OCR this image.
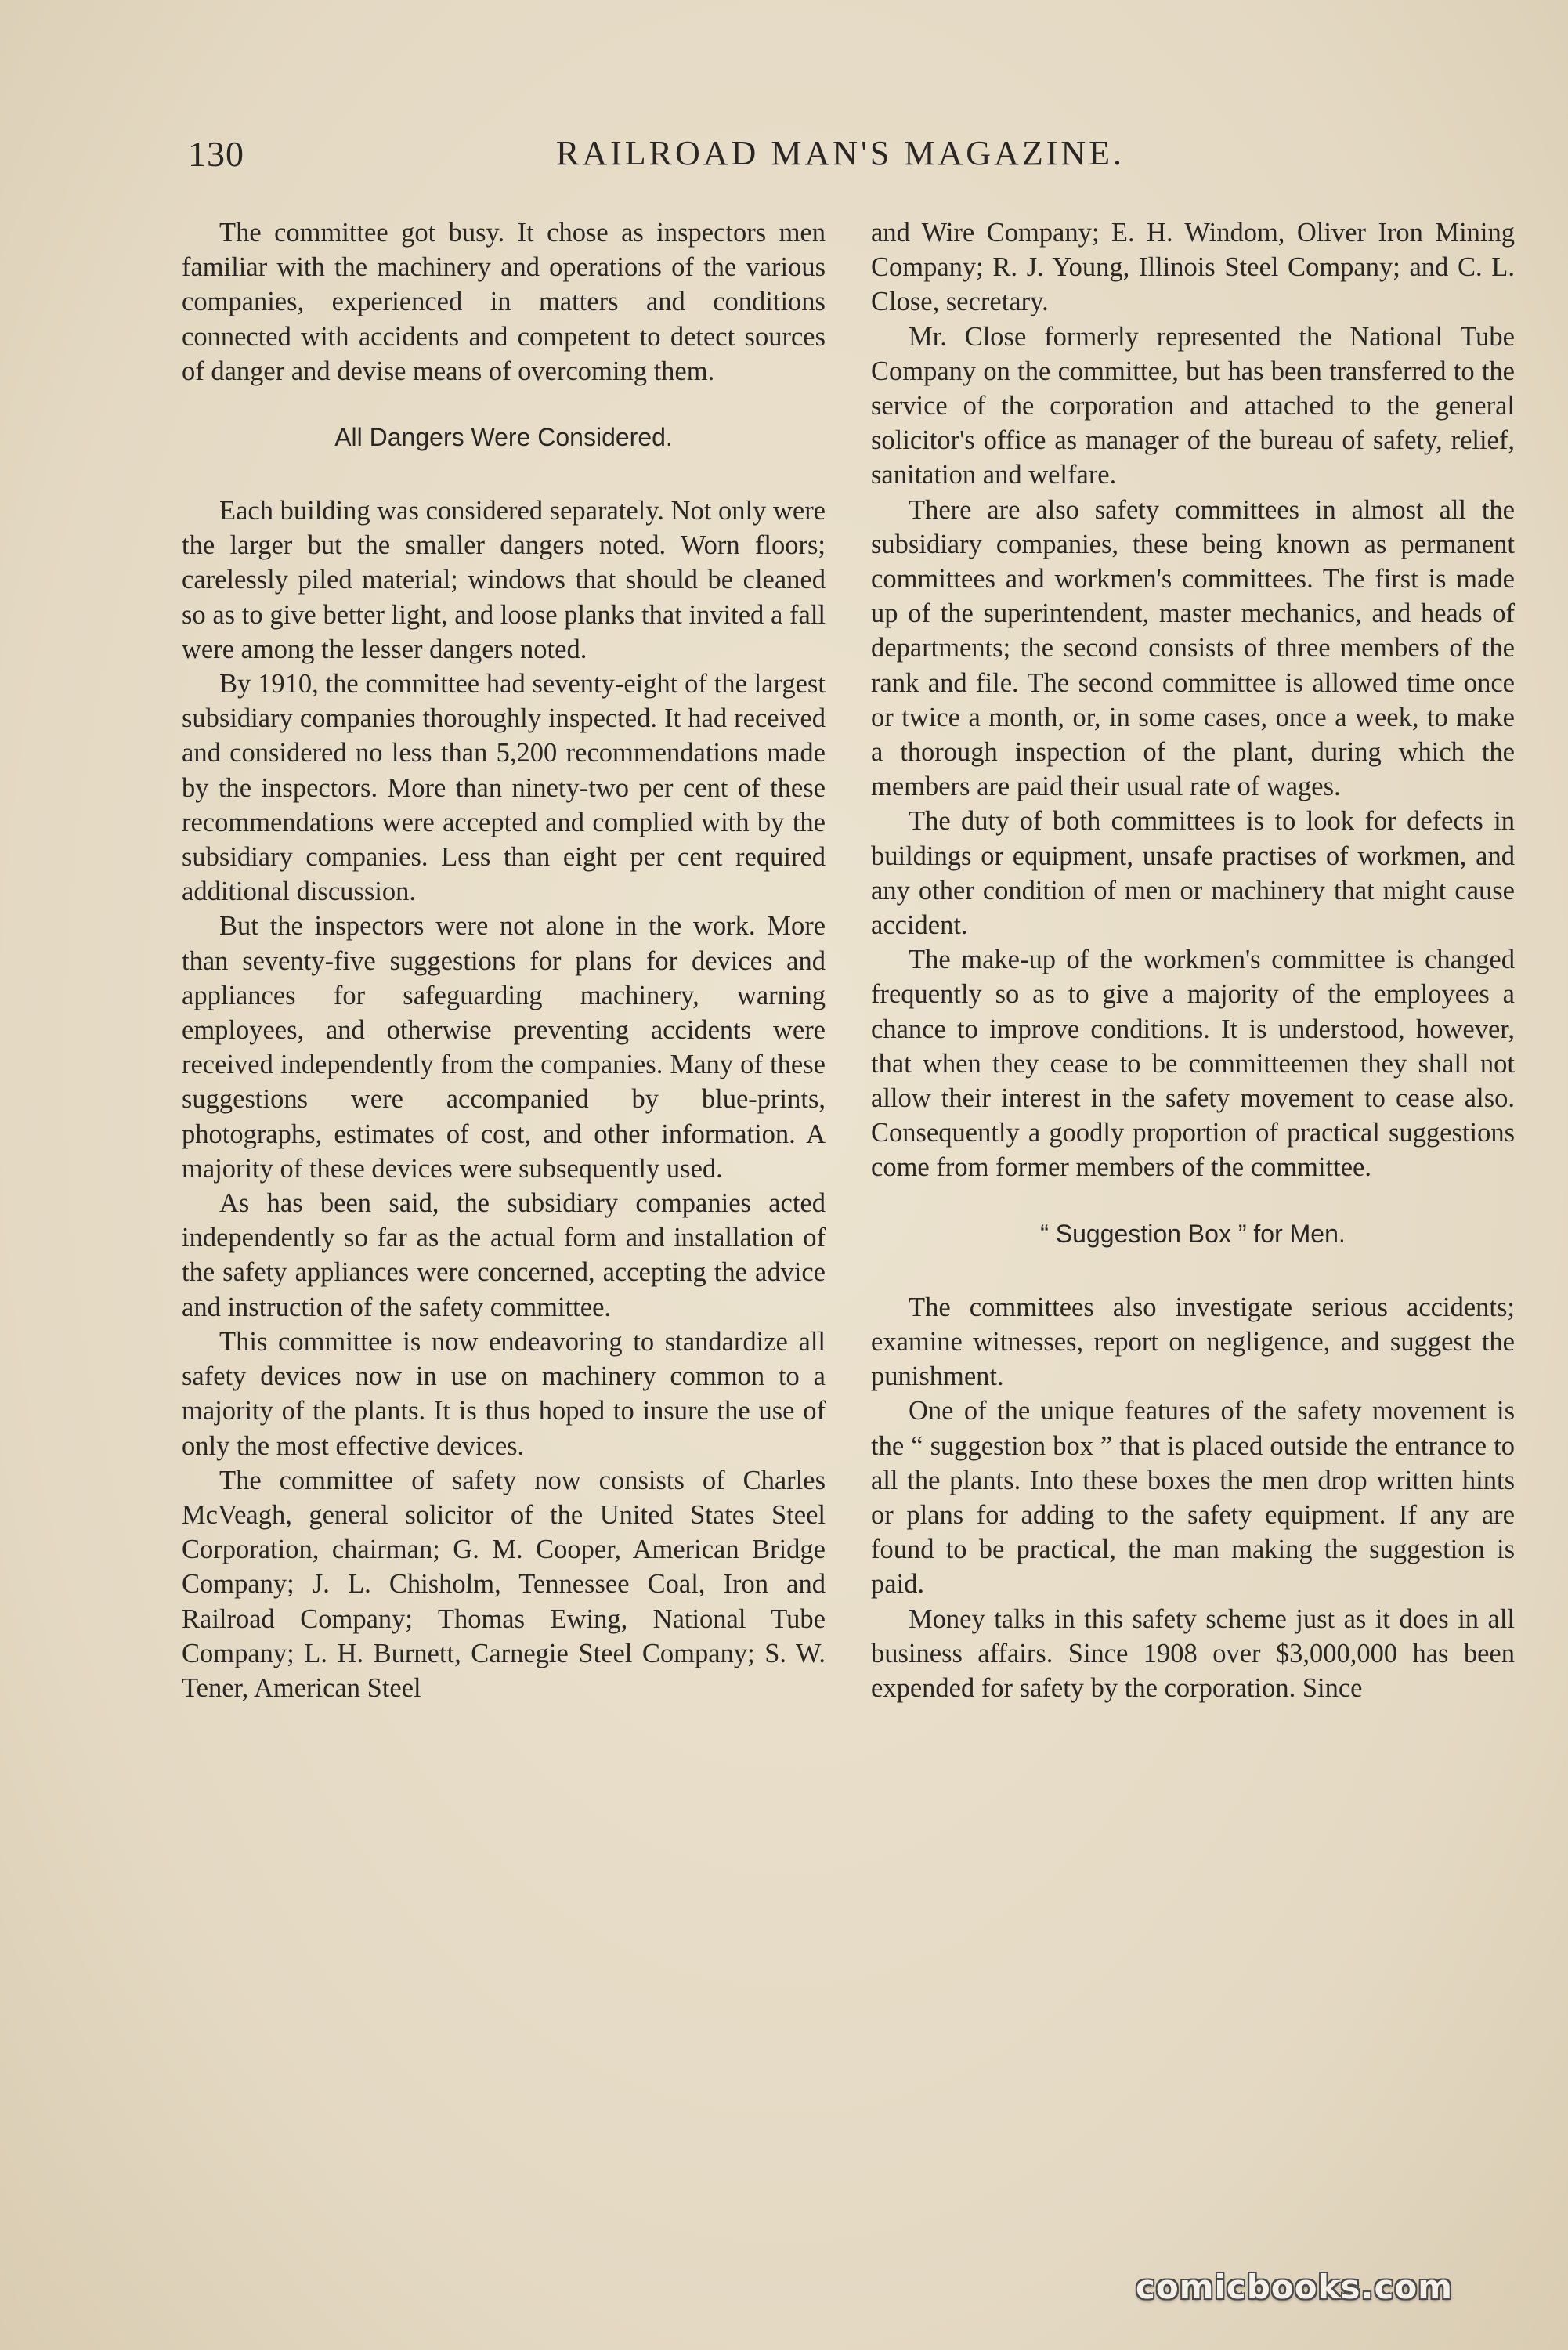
130	RAILROAD MAN'S MAGAZINE.

The committee got busy. It chose as inspectors men familiar with the machinery and operations of the various companies, experienced in matters and conditions connected with accidents and competent to detect sources of danger and devise means of overcoming them.

All Dangers Were Considered.

Each building was considered separately. Not only were the larger but the smaller dangers noted. Worn floors; carelessly piled material; windows that should be cleaned so as to give better light, and loose planks that invited a fall were among the lesser dangers noted.

By 1910, the committee had seventy-eight of the largest subsidiary companies thoroughly inspected. It had received and considered no less than 5,200 recommendations made by the inspectors. More than ninety-two per cent of these recommendations were accepted and complied with by the subsidiary companies. Less than eight per cent required additional discussion.

But the inspectors were not alone in the work. More than seventy-five suggestions for plans for devices and appliances for safeguarding machinery, warning employees, and otherwise preventing accidents were received independently from the companies. Many of these suggestions were accompanied by blue-prints, photographs, estimates of cost, and other information. A majority of these devices were subsequently used.

As has been said, the subsidiary companies acted independently so far as the actual form and installation of the safety appliances were concerned, accepting the advice and instruction of the safety committee.

This committee is now endeavoring to standardize all safety devices now in use on machinery common to a majority of the plants. It is thus hoped to insure the use of only the most effective devices.

The committee of safety now consists of Charles McVeagh, general solicitor of the United States Steel Corporation, chairman; G. M. Cooper, American Bridge Company; J. L. Chisholm, Tennessee Coal, Iron and Railroad Company; Thomas Ewing, National Tube Company; L. H. Burnett, Carnegie Steel Company; S. W. Tener, American Steel

and Wire Company; E. H. Windom, Oliver Iron Mining Company; R. J. Young, Illinois Steel Company; and C. L. Close, secretary.

Mr. Close formerly represented the National Tube Company on the committee, but has been transferred to the service of the corporation and attached to the general solicitor's office as manager of the bureau of safety, relief, sanitation and welfare.

There are also safety committees in almost all the subsidiary companies, these being known as permanent committees and workmen's committees. The first is made up of the superintendent, master mechanics, and heads of departments; the second consists of three members of the rank and file. The second committee is allowed time once or twice a month, or, in some cases, once a week, to make a thorough inspection of the plant, during which the members are paid their usual rate of wages.

The duty of both committees is to look for defects in buildings or equipment, unsafe practises of workmen, and any other condition of men or machinery that might cause accident.

The make-up of the workmen's committee is changed frequently so as to give a majority of the employees a chance to improve conditions. It is understood, however, that when they cease to be committeemen they shall not allow their interest in the safety movement to cease also. Consequently a goodly proportion of practical suggestions come from former members of the committee.

“ Suggestion Box ” for Men.

The committees also investigate serious accidents; examine witnesses, report on negligence, and suggest the punishment.

One of the unique features of the safety movement is the “ suggestion box ” that is placed outside the entrance to all the plants. Into these boxes the men drop written hints or plans for adding to the safety equipment. If any are found to be practical, the man making the suggestion is paid.

Money talks in this safety scheme just as it does in all business affairs. Since 1908 over $3,000,000 has been expended for safety by the corporation. Since

comicbooks.com
